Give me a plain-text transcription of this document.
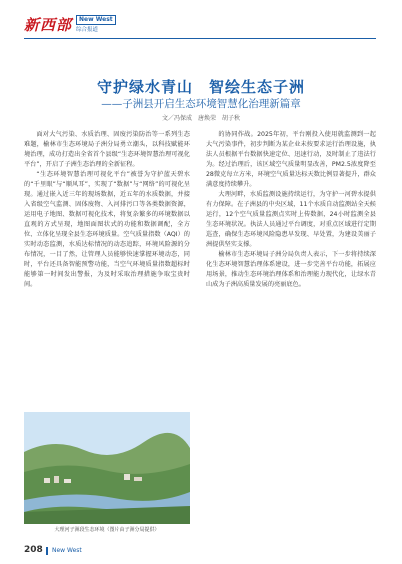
新西部	New West
综合报道
守护绿水青山　智绘生态子洲
——子洲县开启生态环境智慧化治理新篇章
文／冯保成　唐焕荣　胡子秋

面对大气污染、水质治理、固废污染防治等一系列生态难题，榆林市生态环境局子洲分局勇立潮头，以科技赋能环境治理，成功打造出全省首个县级“生态环境智慧治理可视化平台”，开启了子洲生态治理的全新征程。

“生态环境智慧治理可视化平台”被誉为守护蓝天碧水的“千里眼”与“顺风耳”，实现了“数据”与“网络”的可视化呈现。通过嵌入近三年的现场数据，近五年的水质数据，并接入省级空气监测、固体废物、入河排污口等各类数据资源，运用电子地图、数据可视化技术，将复杂繁多的环境数据以直观的方式呈现，地图面图状式的功能和数据调配，全方位、立体化呈现全县生态环境质量。空气质量指数（AQI）的实时动态监测，水质达标情况的动态追踪，环境风险源的分布情况，一目了然，让管理人员能够快速掌握环境动态，同时，平台还具备智能预警功能，当空气环境质量指数超标时能够第一时间发出警报，为及时采取治理措施争取宝贵时间。

的协同作战。2025年初，平台刚投入使用就监测到一起大气污染事件，初步判断为某企业未按要求运行治理设施，执法人员根据平台数据快速定位、迅速行动，及时制止了违法行为。经过治理后，该区域空气质量明显改善，PM2.5浓度降至28微克每立方米，环境空气质量达标天数比例显著提升，群众满意度持续攀升。

大理河畔，水质监测设施持续运行，为守护一河碧水提供有力保障。在子洲县的中央区域，11个水质自动监测站全天候运行，12个空气质量监测点实时上传数据，24小时监测全县生态环境状况。执法人员通过平台调度，对重点区域进行定期巡查，确保生态环境风险隐患早发现、早处置，为建设美丽子洲提供坚实支撑。

榆林市生态环境局子洲分局负责人表示，下一步将持续深化生态环境智慧治理体系建设，进一步完善平台功能，拓展应用场景，推动生态环境治理体系和治理能力现代化，让绿水青山成为子洲高质量发展的亮丽底色。

大理河子洲段生态环境（图片由子洲分局提供）
208 New West
